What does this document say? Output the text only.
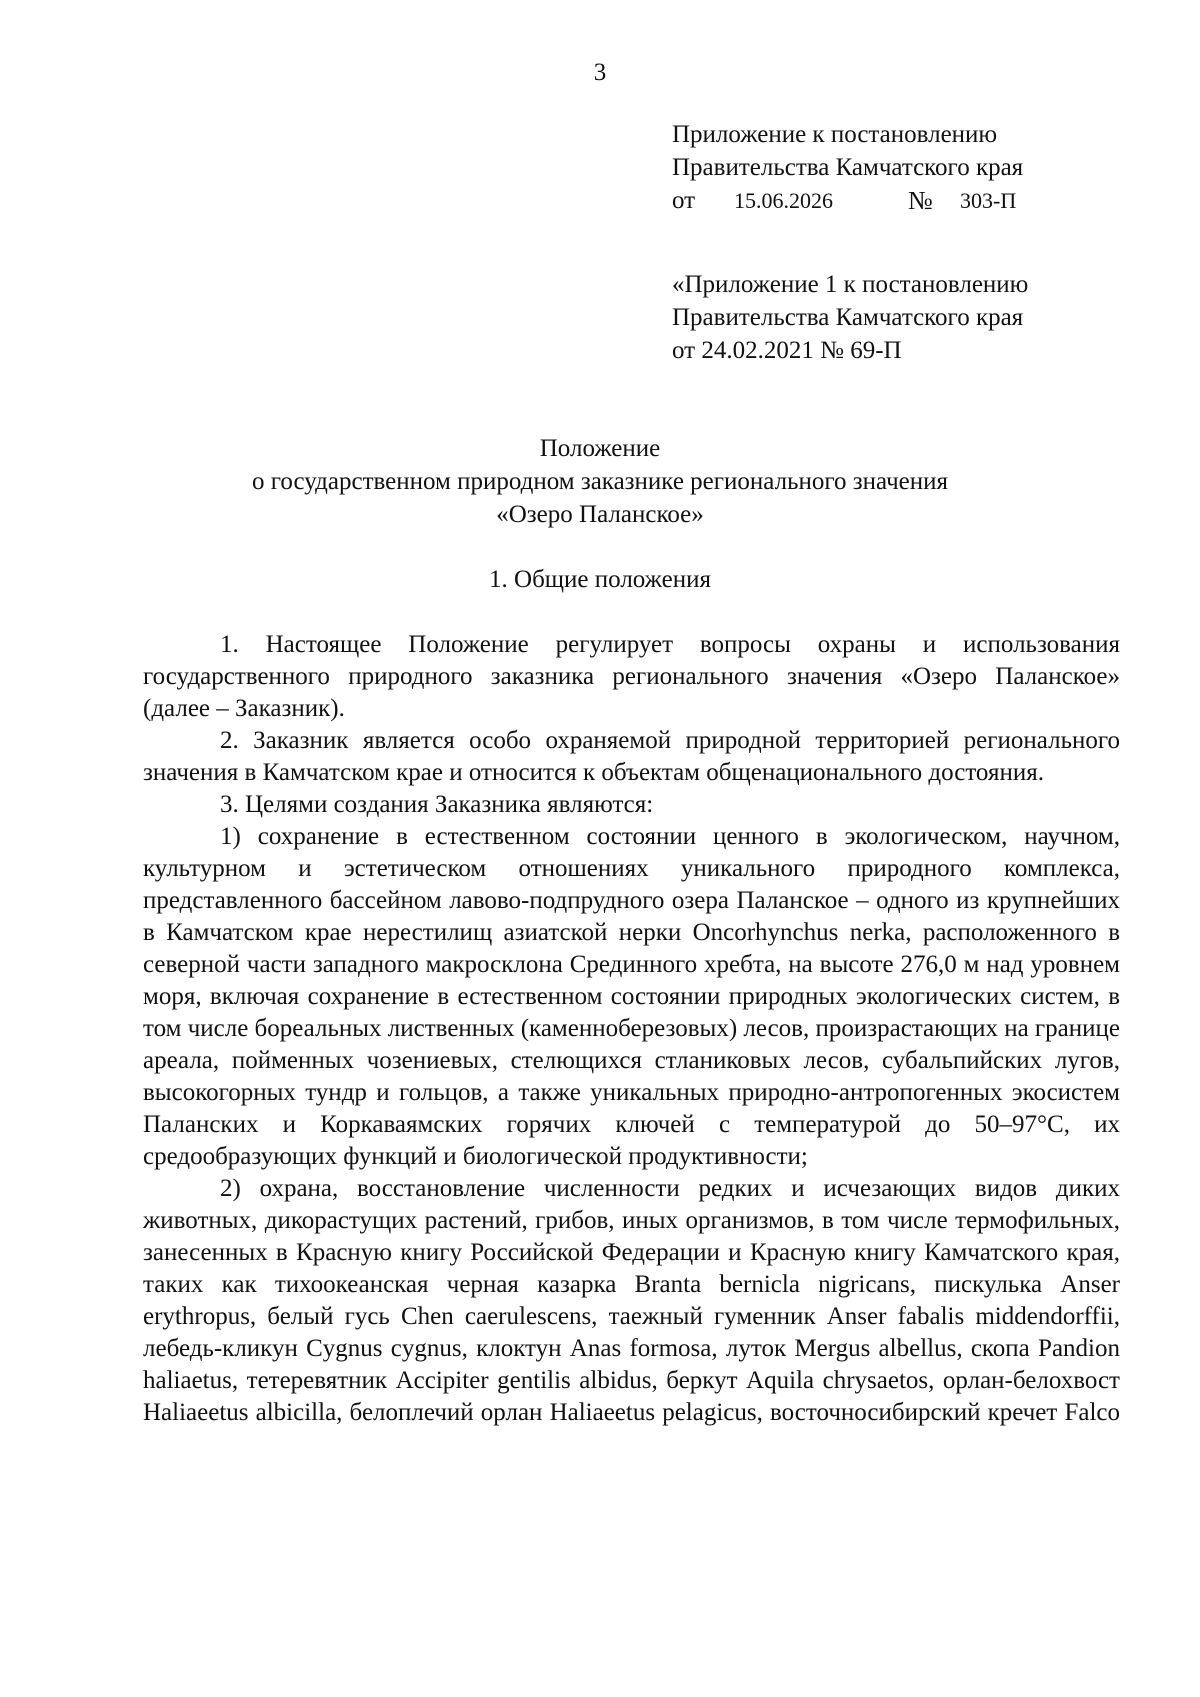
3
Приложение к постановлению
Правительства Камчатского края
от 15.06.2026	№ 303-П
«Приложение 1 к постановлению
Правительства Камчатского края
от 24.02.2021 № 69-П
Положение
о государственном природном заказнике регионального значения
«Озеро Паланское»
1. Общие положения

1. Настоящее Положение регулирует вопросы охраны и использования государственного природного заказника регионального значения «Озеро Паланское» (далее – Заказник).

2. Заказник является особо охраняемой природной территорией регионального значения в Камчатском крае и относится к объектам общенационального достояния.

3. Целями создания Заказника являются:

1) сохранение в естественном состоянии ценного в экологическом, научном, культурном и эстетическом отношениях уникального природного комплекса, представленного бассейном лавово-подпрудного озера Паланское – одного из крупнейших в Камчатском крае нерестилищ азиатской нерки Oncorhynchus nerka, расположенного в северной части западного макросклона Срединного хребта, на высоте 276,0 м над уровнем моря, включая сохранение в естественном состоянии природных экологических систем, в том числе бореальных лиственных (каменноберезовых) лесов, произрастающих на границе ареала, пойменных чозениевых, стелющихся стланиковых лесов, субальпийских лугов, высокогорных тундр и гольцов, а также уникальных природно-антропогенных экосистем Паланских и Коркаваямских горячих ключей с температурой до 50–97°С, их средообразующих функций и биологической продуктивности;

2) охрана, восстановление численности редких и исчезающих видов диких животных, дикорастущих растений, грибов, иных организмов, в том числе термофильных, занесенных в Красную книгу Российской Федерации и Красную книгу Камчатского края, таких как тихоокеанская черная казарка Branta bernicla nigricans, пискулька Anser erythropus, белый гусь Chen caerulescens, таежный гуменник Anser fabalis middendorffii, лебедь-кликун Cygnus cygnus, клоктун Anas formosa, луток Mergus albellus, скопа Pandion haliaetus, тетеревятник Accipiter gentilis albidus, беркут Aquila chrysaetos, орлан-белохвост Haliaeetus albicilla, белоплечий орлан Haliaeetus pelagicus, восточносибирский кречет Falco
